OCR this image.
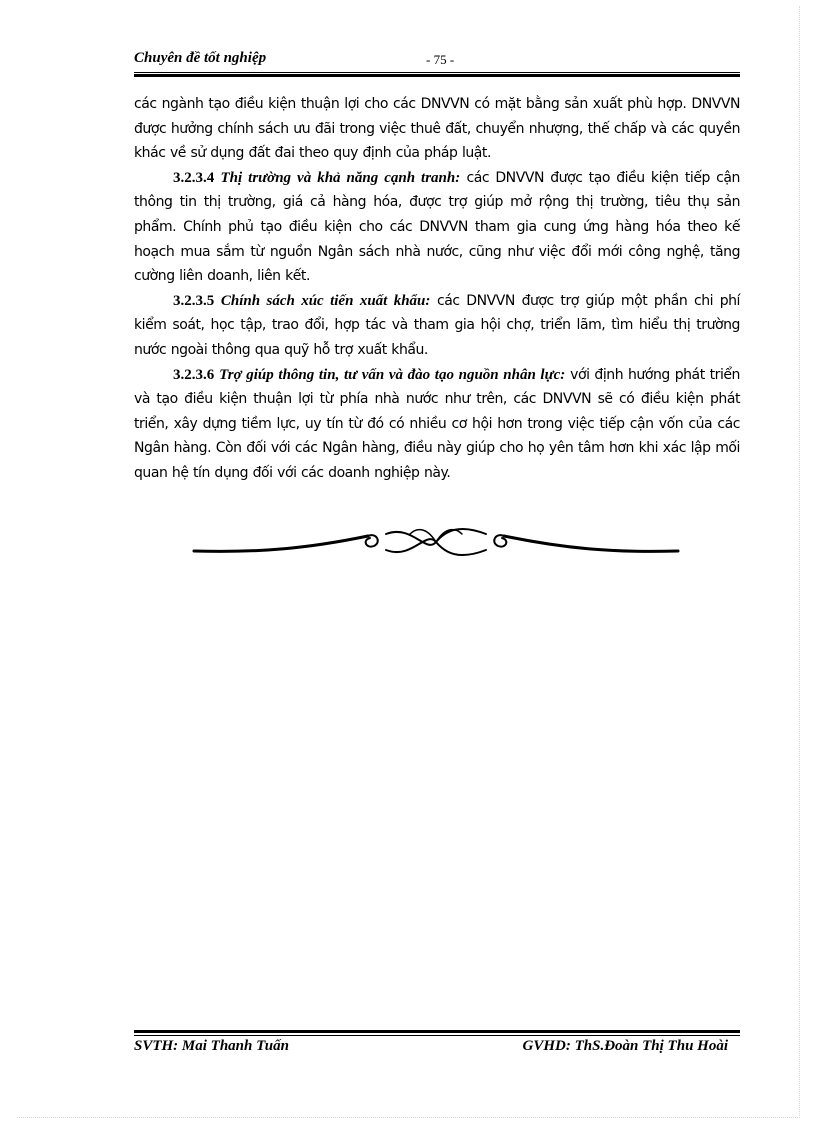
Chuyên đề tốt nghiệp	- 75 -

các ngành tạo điều kiện thuận lợi cho các DNVVN có mặt bằng sản xuất phù hợp. DNVVN được hưởng chính sách ưu đãi trong việc thuê đất, chuyển nhượng, thế chấp và các quyền khác về sử dụng đất đai theo quy định của pháp luật.

3.2.3.4 Thị trường và khả năng cạnh tranh: các DNVVN được tạo điều kiện tiếp cận thông tin thị trường, giá cả hàng hóa, được trợ giúp mở rộng thị trường, tiêu thụ sản phẩm. Chính phủ tạo điều kiện cho các DNVVN tham gia cung ứng hàng hóa theo kế hoạch mua sắm từ nguồn Ngân sách nhà nước, cũng như việc đổi mới công nghệ, tăng cường liên doanh, liên kết.

3.2.3.5 Chính sách xúc tiến xuất khẩu: các DNVVN được trợ giúp một phần chi phí kiểm soát, học tập, trao đổi, hợp tác và tham gia hội chợ, triển lãm, tìm hiểu thị trường nước ngoài thông qua quỹ hỗ trợ xuất khẩu.

3.2.3.6 Trợ giúp thông tin, tư vấn và đào tạo nguồn nhân lực: với định hướng phát triển và tạo điều kiện thuận lợi từ phía nhà nước như trên, các DNVVN sẽ có điều kiện phát triển, xây dựng tiềm lực, uy tín từ đó có nhiều cơ hội hơn trong việc tiếp cận vốn của các Ngân hàng. Còn đối với các Ngân hàng, điều này giúp cho họ yên tâm hơn khi xác lập mối quan hệ tín dụng đối với các doanh nghiệp này.

SVTH: Mai Thanh Tuấn	GVHD: ThS.Đoàn Thị Thu Hoài
